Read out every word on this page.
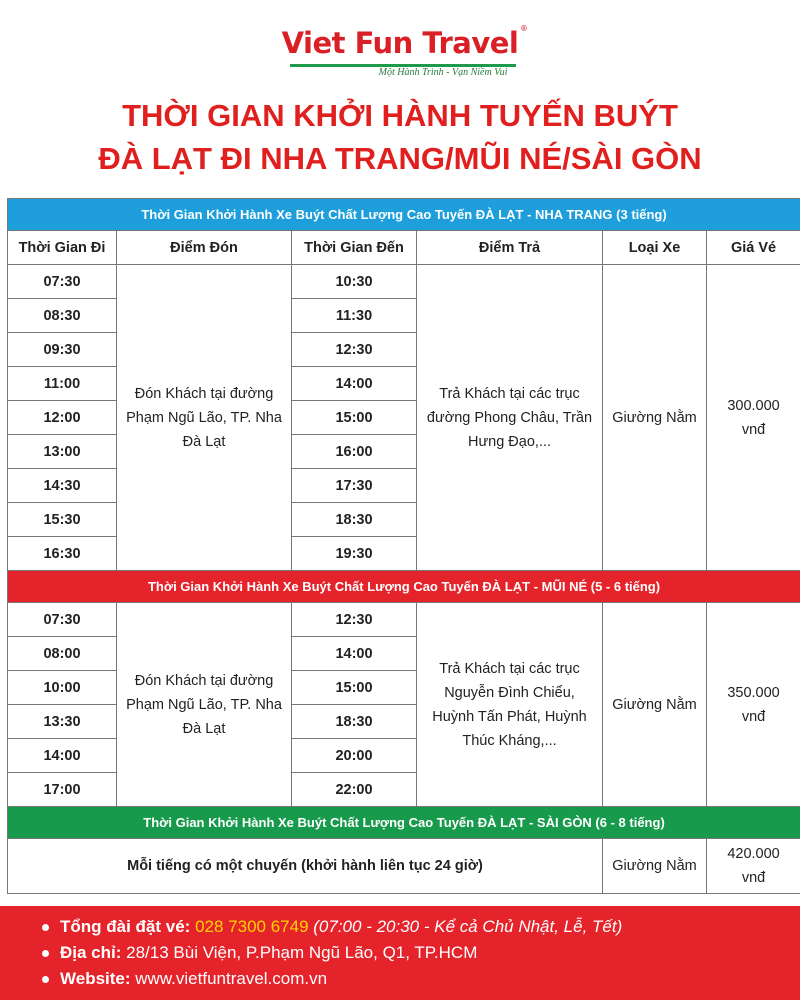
Viet Fun Travel ®
Một Hành Trình - Vạn Niềm Vui
THỜI GIAN KHỞI HÀNH TUYẾN BUÝT
ĐÀ LẠT ĐI NHA TRANG/MŨI NÉ/SÀI GÒN
Thời Gian Khởi Hành Xe Buýt Chất Lượng Cao Tuyến ĐÀ LẠT - NHA TRANG (3 tiếng)					
Thời Gian Đi	Điểm Đón	Thời Gian Đến	Điểm Trả	Loại Xe	Giá Vé
07:30	Đón Khách tại đường Phạm Ngũ Lão, TP. Nha Đà Lạt	10:30	Trả Khách tại các trục đường Phong Châu, Trần Hưng Đạo,...	Giường Nằm	300.000 vnđ
08:30		11:30			
09:30		12:30			
11:00		14:00			
12:00		15:00			
13:00		16:00			
14:30		17:30			
15:30		18:30			
16:30		19:30			
Thời Gian Khởi Hành Xe Buýt Chất Lượng Cao Tuyến ĐÀ LẠT - MŨI NÉ (5 - 6 tiếng)					
07:30	Đón Khách tại đường Phạm Ngũ Lão, TP. Nha Đà Lạt	12:30	Trả Khách tại các trục Nguyễn Đình Chiểu, Huỳnh Tấn Phát, Huỳnh Thúc Kháng,...	Giường Nằm	350.000 vnđ
08:00		14:00			
10:00		15:00			
13:30		18:30			
14:00		20:00			
17:00		22:00			
Thời Gian Khởi Hành Xe Buýt Chất Lượng Cao Tuyến ĐÀ LẠT - SÀI GÒN (6 - 8 tiếng)					
Mỗi tiếng có một chuyến (khởi hành liên tục 24 giờ)				Giường Nằm	420.000 vnđ
Tổng đài đặt vé: 028 7300 6749 (07:00 - 20:30 - Kể cả Chủ Nhật, Lễ, Tết)
Địa chỉ: 28/13 Bùi Viện, P.Phạm Ngũ Lão, Q1, TP.HCM
Website: www.vietfuntravel.com.vn
